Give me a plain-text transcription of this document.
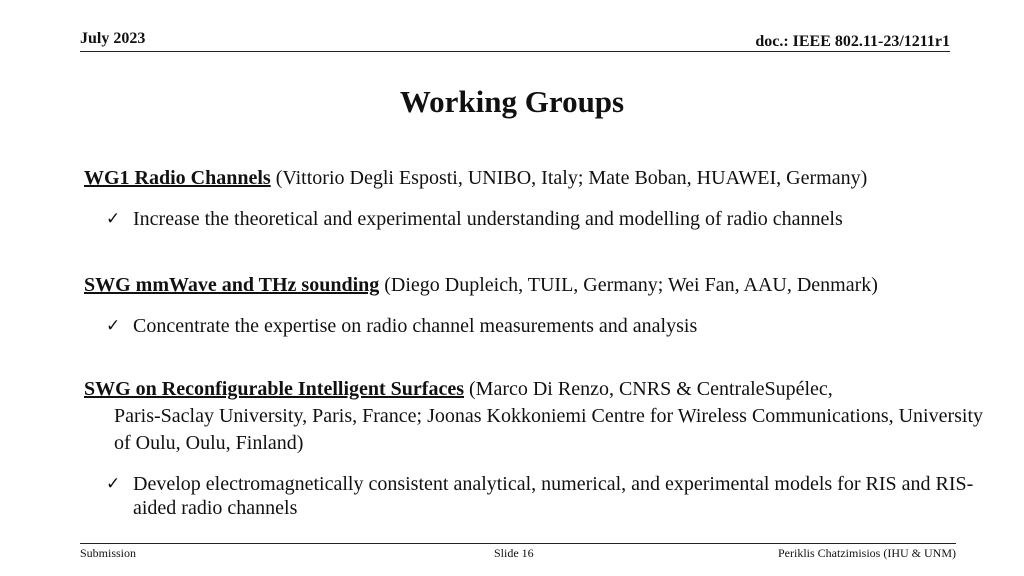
July 2023	doc.: IEEE 802.11-23/1211r1
Working Groups
WG1 Radio Channels (Vittorio Degli Esposti, UNIBO, Italy; Mate Boban, HUAWEI, Germany)
✓ Increase the theoretical and experimental understanding and modelling of radio channels
SWG mmWave and THz sounding (Diego Dupleich, TUIL, Germany; Wei Fan, AAU, Denmark)
✓ Concentrate the expertise on radio channel measurements and analysis
SWG on Reconfigurable Intelligent Surfaces (Marco Di Renzo, CNRS & CentraleSupélec,
Paris-Saclay University, Paris, France; Joonas Kokkoniemi Centre for Wireless Communications, University of Oulu, Oulu, Finland)
✓ Develop electromagnetically consistent analytical, numerical, and experimental models for RIS and RIS-aided radio channels
Submission	Slide 16	Periklis Chatzimisios (IHU & UNM)
